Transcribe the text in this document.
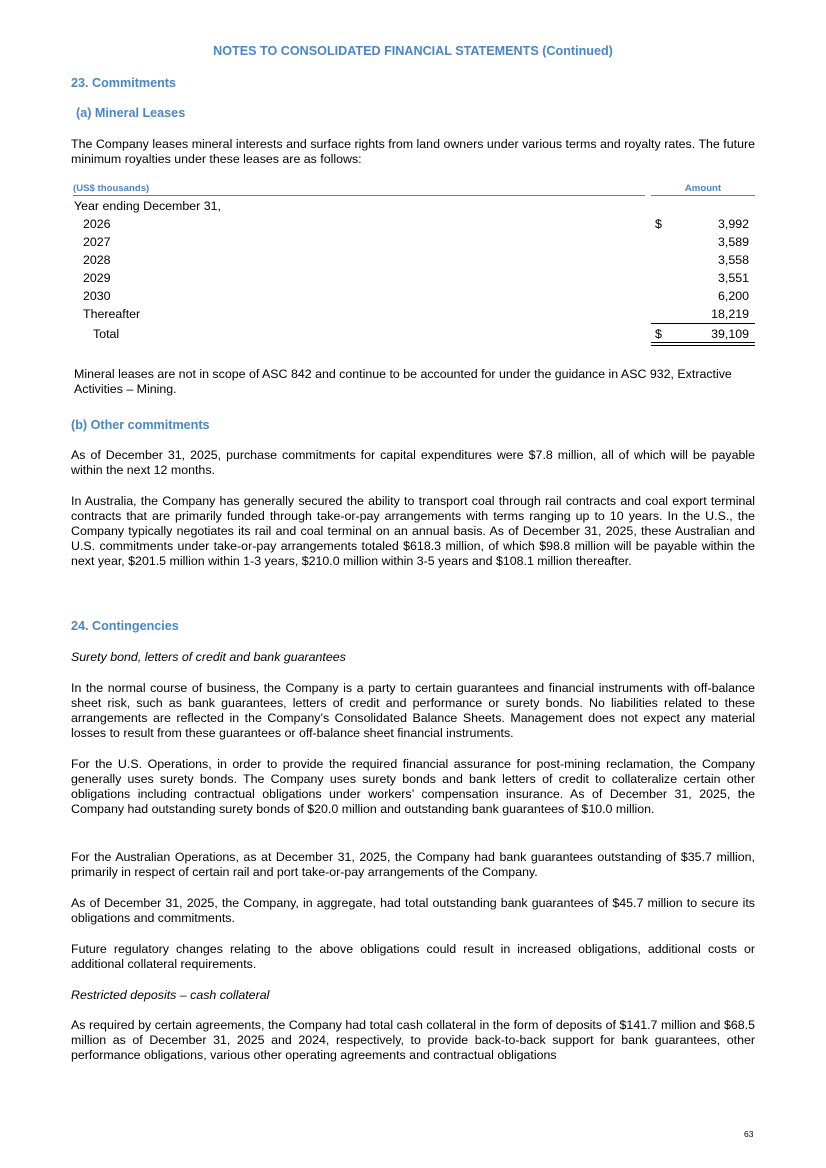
NOTES TO CONSOLIDATED FINANCIAL STATEMENTS (Continued)
23. Commitments
(a) Mineral Leases

The Company leases mineral interests and surface rights from land owners under various terms and royalty rates. The future minimum royalties under these leases are as follows:

(US$ thousands)	Amount
Year ending December 31,
2026	$	3,992
2027	3,589
2028	3,558
2029	3,551
2030	6,200
Thereafter	18,219
Total	$	39,109

Mineral leases are not in scope of ASC 842 and continue to be accounted for under the guidance in ASC 932, Extractive Activities – Mining.

(b) Other commitments

As of December 31, 2025, purchase commitments for capital expenditures were $7.8 million, all of which will be payable within the next 12 months.

In Australia, the Company has generally secured the ability to transport coal through rail contracts and coal export terminal contracts that are primarily funded through take-or-pay arrangements with terms ranging up to 10 years. In the U.S., the Company typically negotiates its rail and coal terminal on an annual basis. As of December 31, 2025, these Australian and U.S. commitments under take-or-pay arrangements totaled $618.3 million, of which $98.8 million will be payable within the next year, $201.5 million within 1-3 years, $210.0 million within 3-5 years and $108.1 million thereafter.

24. Contingencies
Surety bond, letters of credit and bank guarantees

In the normal course of business, the Company is a party to certain guarantees and financial instruments with off-balance sheet risk, such as bank guarantees, letters of credit and performance or surety bonds. No liabilities related to these arrangements are reflected in the Company’s Consolidated Balance Sheets. Management does not expect any material losses to result from these guarantees or off-balance sheet financial instruments.

For the U.S. Operations, in order to provide the required financial assurance for post-mining reclamation, the Company generally uses surety bonds. The Company uses surety bonds and bank letters of credit to collateralize certain other obligations including contractual obligations under workers’ compensation insurance. As of December 31, 2025, the Company had outstanding surety bonds of $20.0 million and outstanding bank guarantees of $10.0 million.

For the Australian Operations, as at December 31, 2025, the Company had bank guarantees outstanding of $35.7 million, primarily in respect of certain rail and port take-or-pay arrangements of the Company.

As of December 31, 2025, the Company, in aggregate, had total outstanding bank guarantees of $45.7 million to secure its obligations and commitments.

Future regulatory changes relating to the above obligations could result in increased obligations, additional costs or additional collateral requirements.

Restricted deposits – cash collateral

As required by certain agreements, the Company had total cash collateral in the form of deposits of $141.7 million and $68.5 million as of December 31, 2025 and 2024, respectively, to provide back-to-back support for bank guarantees, other performance obligations, various other operating agreements and contractual obligations

63
